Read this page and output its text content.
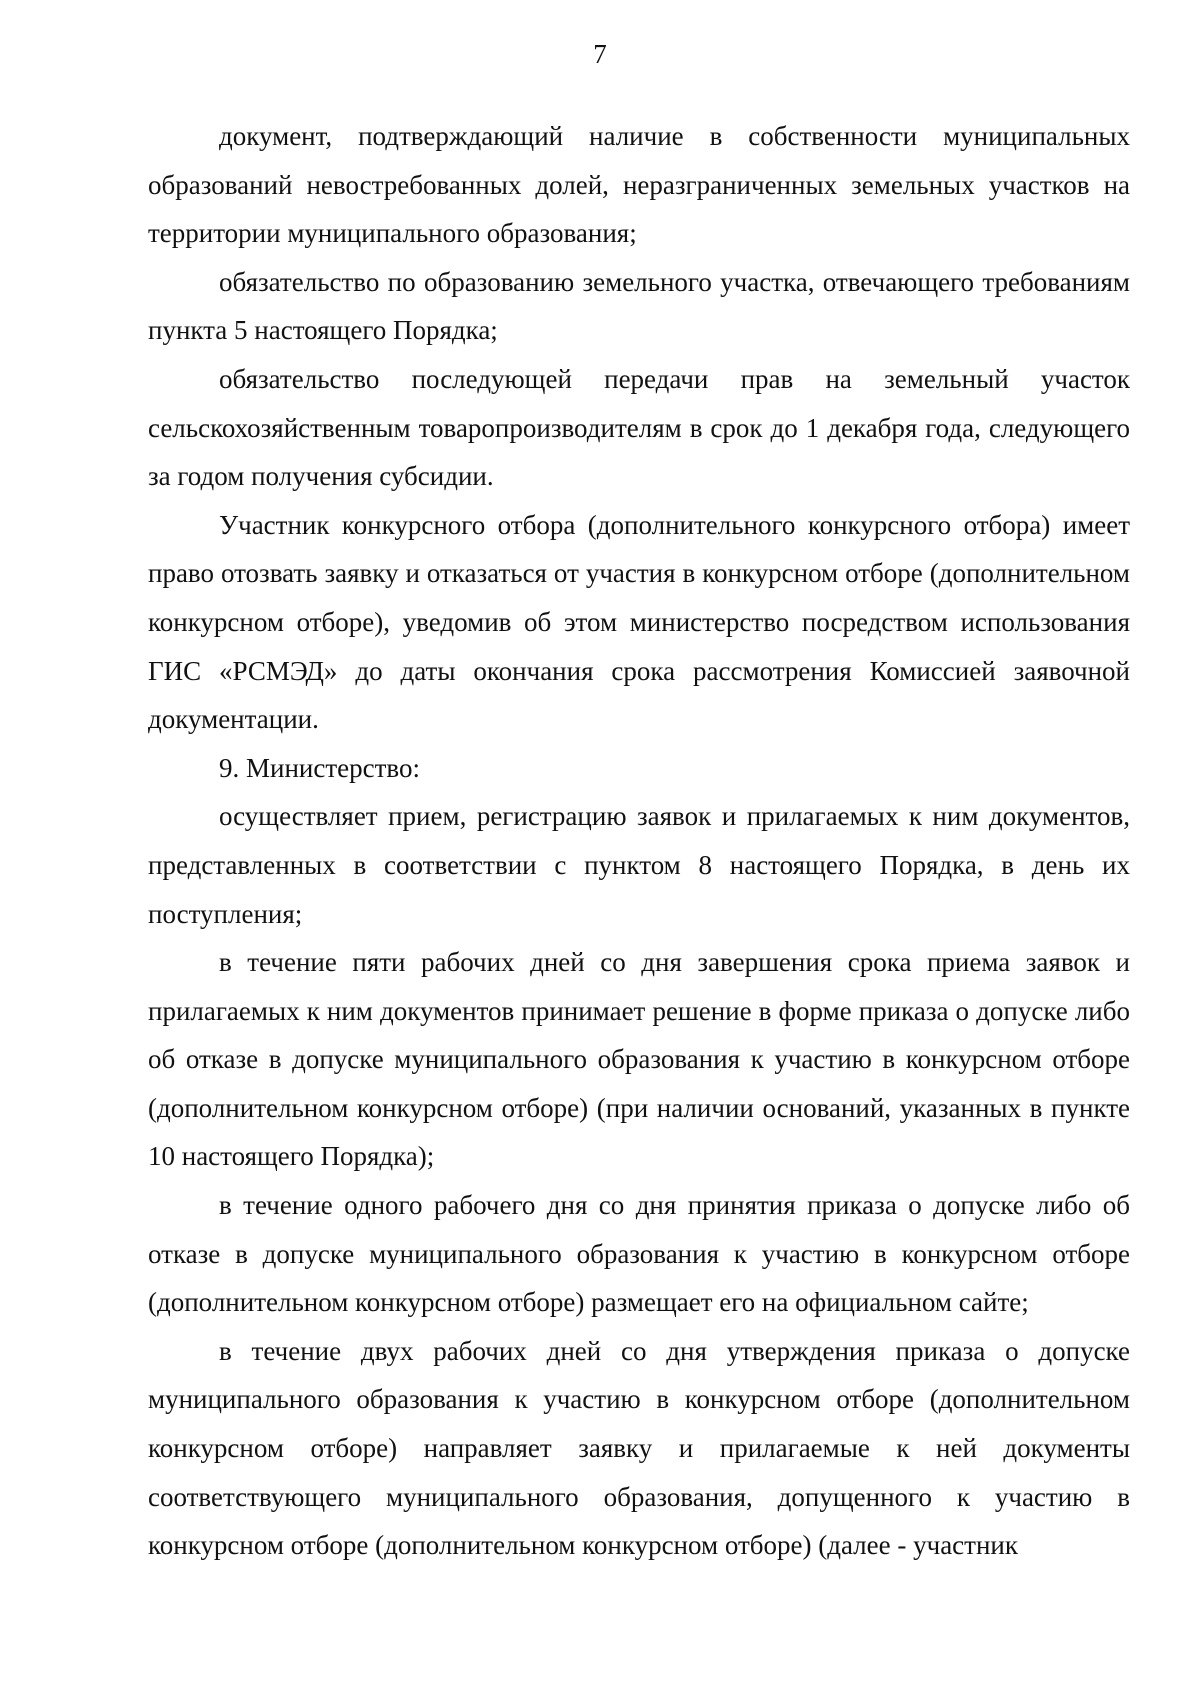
7

документ, подтверждающий наличие в собственности муниципальных образований невостребованных долей, неразграниченных земельных участков на территории муниципального образования;

обязательство по образованию земельного участка, отвечающего требованиям пункта 5 настоящего Порядка;

обязательство последующей передачи прав на земельный участок сельскохозяйственным товаропроизводителям в срок до 1 декабря года, следующего за годом получения субсидии.

Участник конкурсного отбора (дополнительного конкурсного отбора) имеет право отозвать заявку и отказаться от участия в конкурсном отборе (дополнительном конкурсном отборе), уведомив об этом министерство посредством использования ГИС «РСМЭД» до даты окончания срока рассмотрения Комиссией заявочной документации.

9. Министерство:

осуществляет прием, регистрацию заявок и прилагаемых к ним документов, представленных в соответствии с пунктом 8 настоящего Порядка, в день их поступления;

в течение пяти рабочих дней со дня завершения срока приема заявок и прилагаемых к ним документов принимает решение в форме приказа о допуске либо об отказе в допуске муниципального образования к участию в конкурсном отборе (дополнительном конкурсном отборе) (при наличии оснований, указанных в пункте 10 настоящего Порядка);

в течение одного рабочего дня со дня принятия приказа о допуске либо об отказе в допуске муниципального образования к участию в конкурсном отборе (дополнительном конкурсном отборе) размещает его на официальном сайте;

в течение двух рабочих дней со дня утверждения приказа о допуске муниципального образования к участию в конкурсном отборе (дополнительном конкурсном отборе) направляет заявку и прилагаемые к ней документы соответствующего муниципального образования, допущенного к участию в конкурсном отборе (дополнительном конкурсном отборе) (далее - участник
